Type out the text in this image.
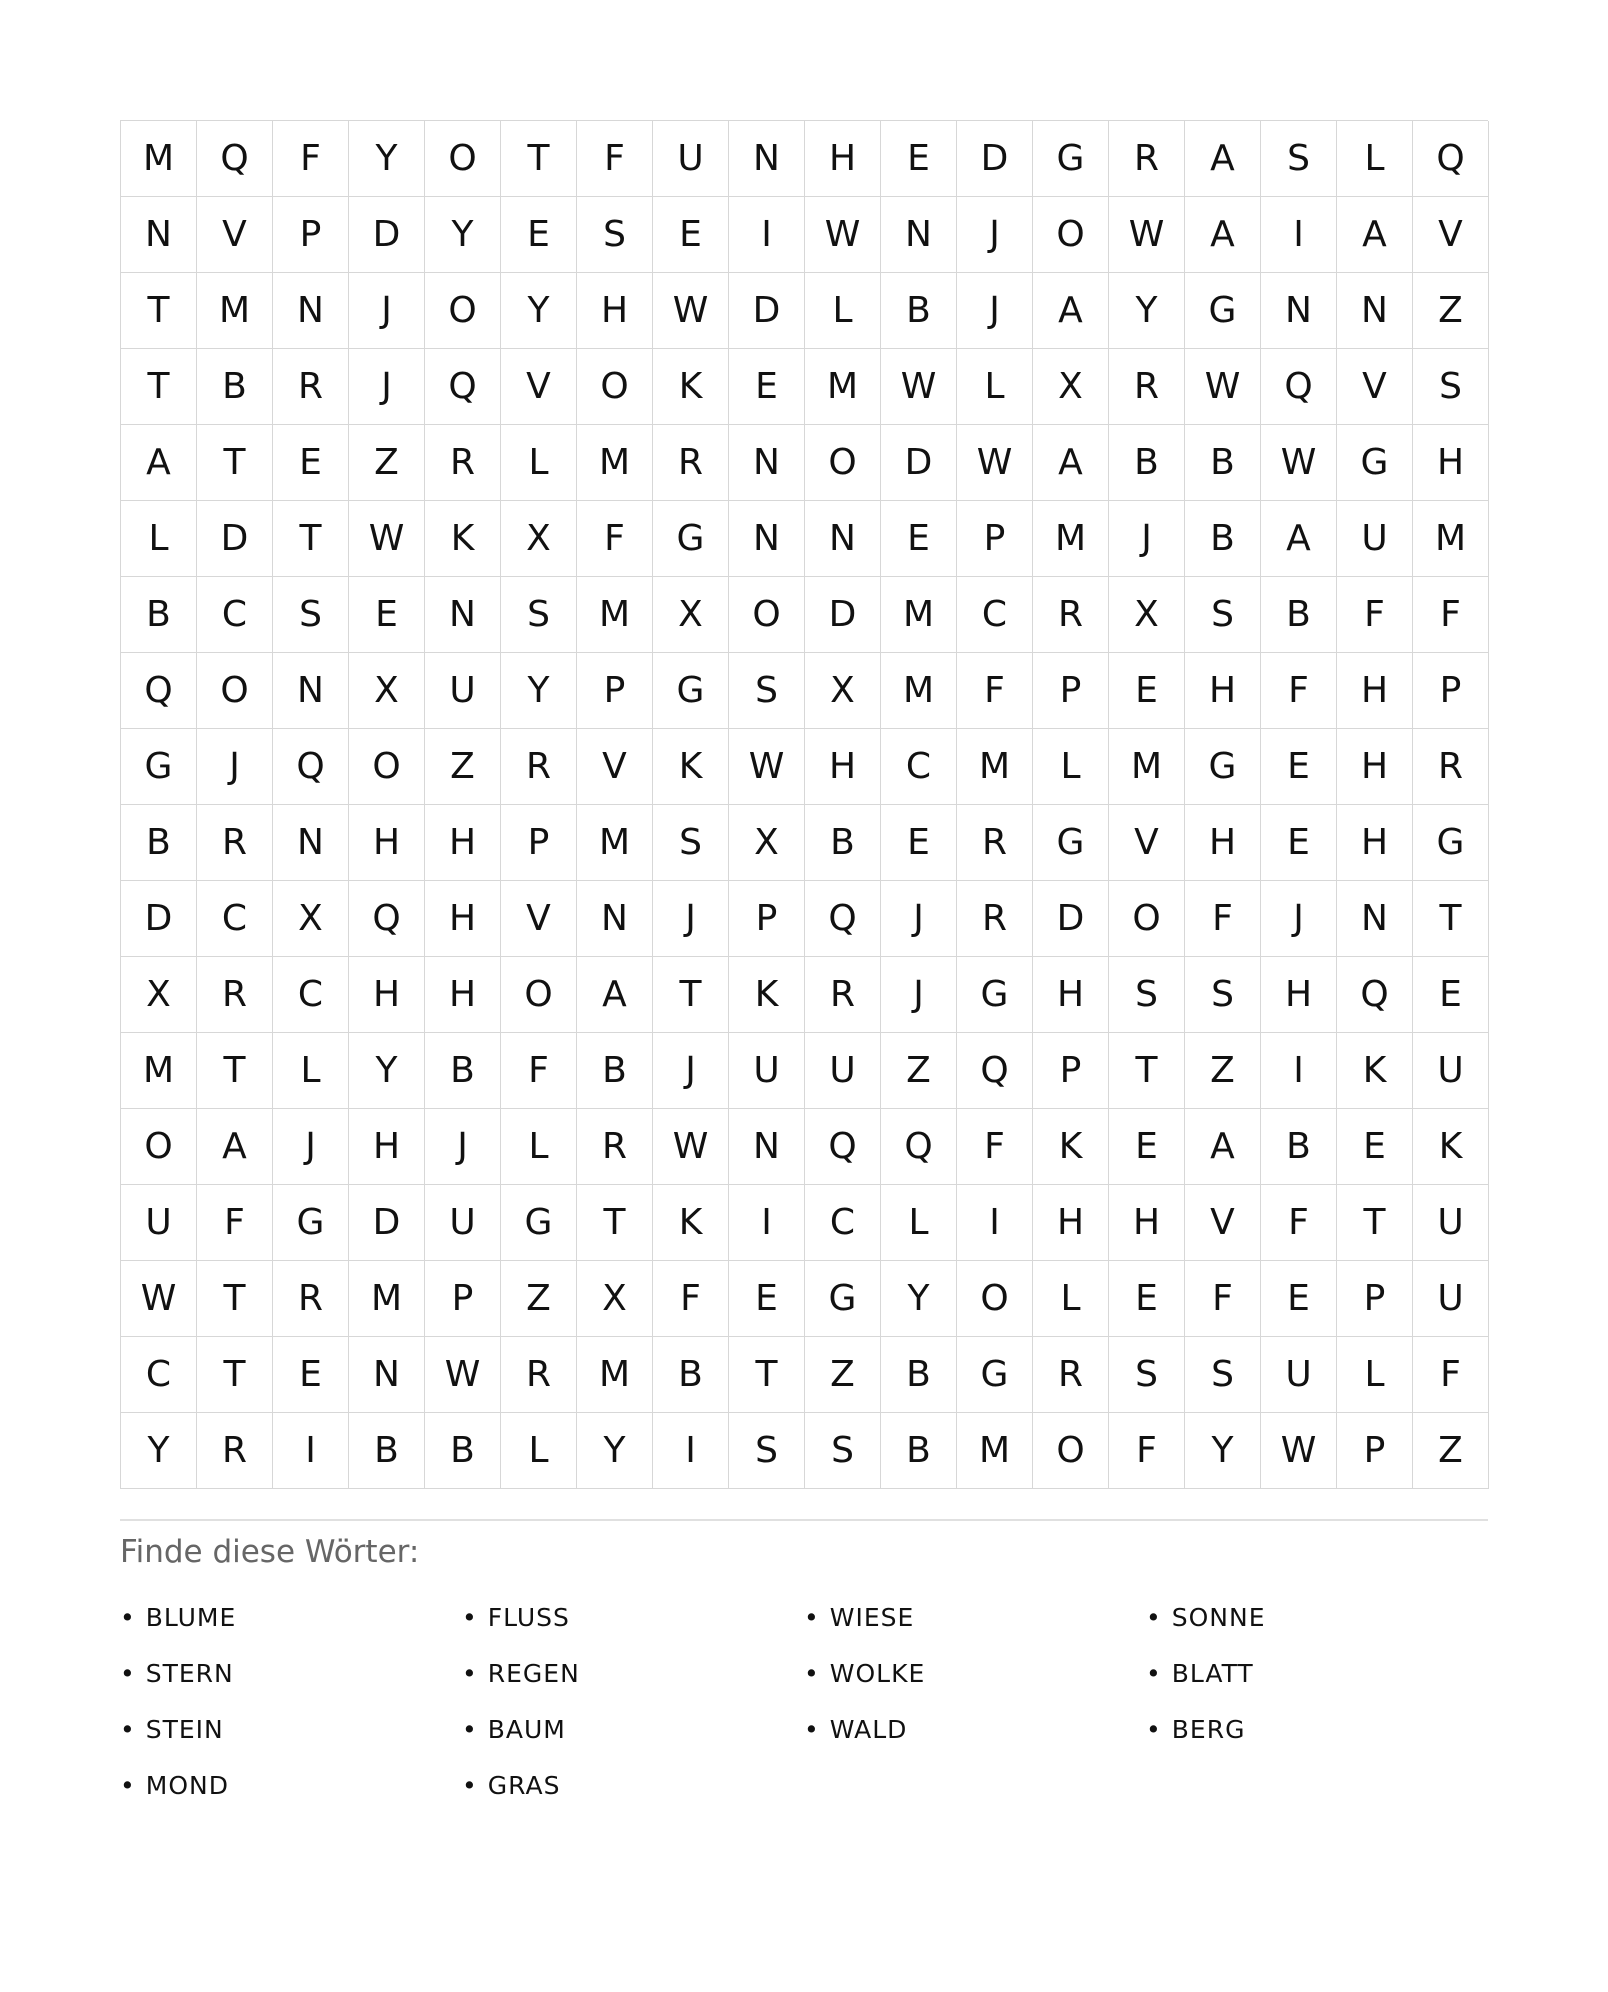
M	Q	F	Y	O	T	F	U	N	H	E	D	G	R	A	S	L	Q
N	V	P	D	Y	E	S	E	I	W	N	J	O	W	A	I	A	V
T	M	N	J	O	Y	H	W	D	L	B	J	A	Y	G	N	N	Z
T	B	R	J	Q	V	O	K	E	M	W	L	X	R	W	Q	V	S
A	T	E	Z	R	L	M	R	N	O	D	W	A	B	B	W	G	H
L	D	T	W	K	X	F	G	N	N	E	P	M	J	B	A	U	M
B	C	S	E	N	S	M	X	O	D	M	C	R	X	S	B	F	F
Q	O	N	X	U	Y	P	G	S	X	M	F	P	E	H	F	H	P
G	J	Q	O	Z	R	V	K	W	H	C	M	L	M	G	E	H	R
B	R	N	H	H	P	M	S	X	B	E	R	G	V	H	E	H	G
D	C	X	Q	H	V	N	J	P	Q	J	R	D	O	F	J	N	T
X	R	C	H	H	O	A	T	K	R	J	G	H	S	S	H	Q	E
M	T	L	Y	B	F	B	J	U	U	Z	Q	P	T	Z	I	K	U
O	A	J	H	J	L	R	W	N	Q	Q	F	K	E	A	B	E	K
U	F	G	D	U	G	T	K	I	C	L	I	H	H	V	F	T	U
W	T	R	M	P	Z	X	F	E	G	Y	O	L	E	F	E	P	U
C	T	E	N	W	R	M	B	T	Z	B	G	R	S	S	U	L	F
Y	R	I	B	B	L	Y	I	S	S	B	M	O	F	Y	W	P	Z
Finde diese Wörter:
• BLUME	• FLUSS	• WIESE	• SONNE
• STERN	• REGEN	• WOLKE	• BLATT
• STEIN	• BAUM	• WALD	• BERG
• MOND	• GRAS
